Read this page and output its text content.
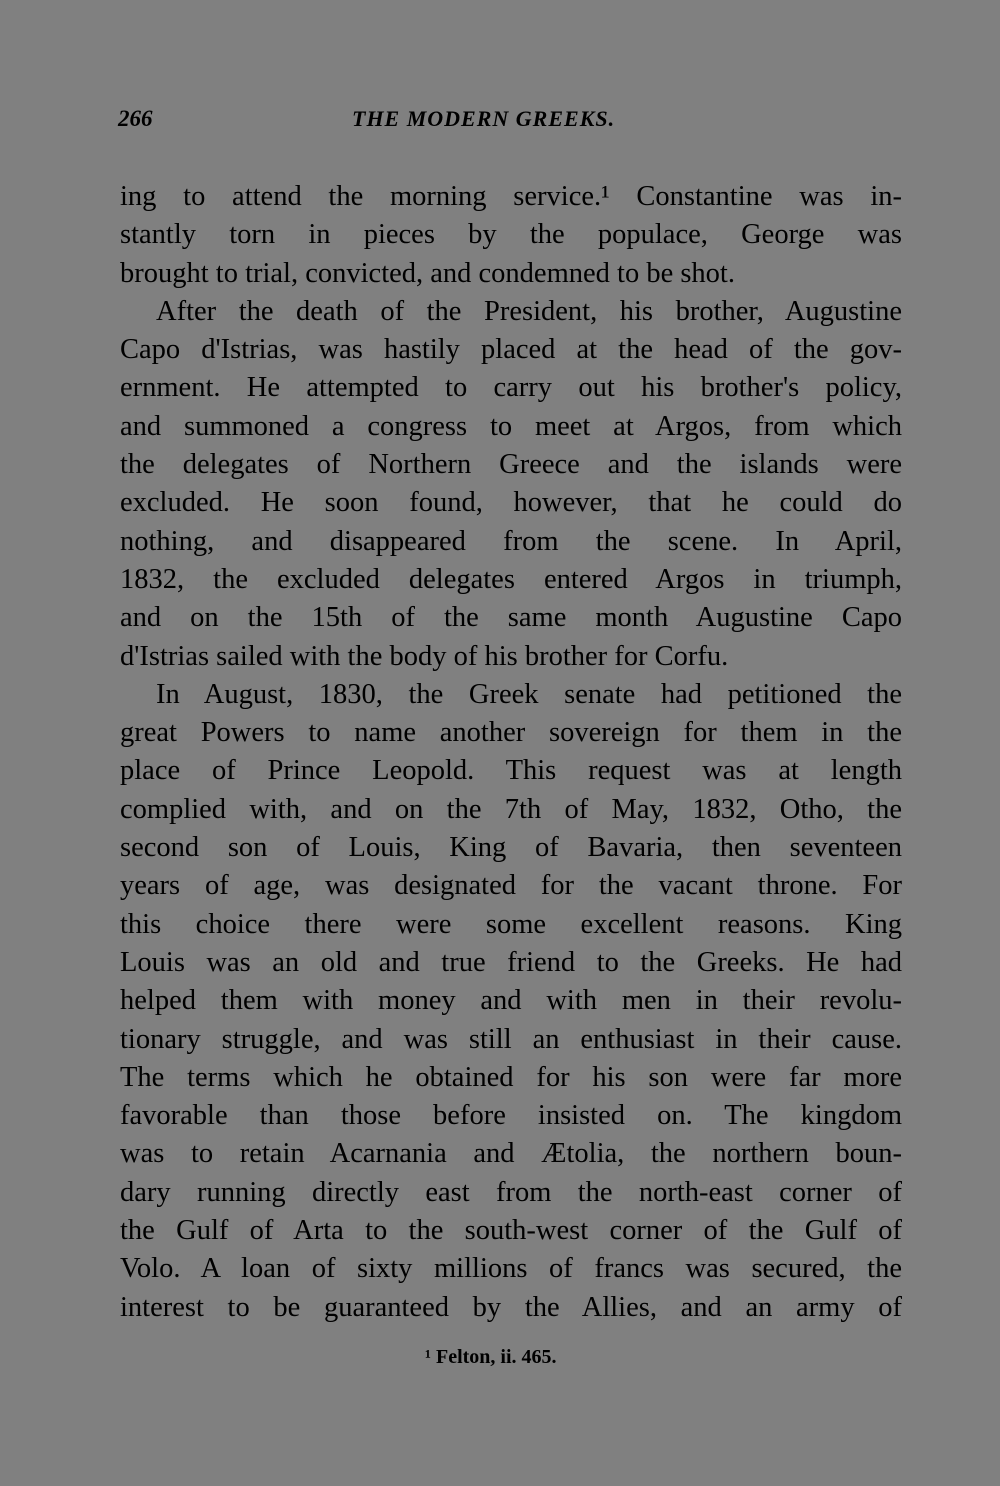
266	THE MODERN GREEKS.
ing to attend the morning service.¹ Constantine was in-
stantly torn in pieces by the populace, George was
brought to trial, convicted, and condemned to be shot.
After the death of the President, his brother, Augustine
Capo d'Istrias, was hastily placed at the head of the gov-
ernment. He attempted to carry out his brother's policy,
and summoned a congress to meet at Argos, from which
the delegates of Northern Greece and the islands were
excluded. He soon found, however, that he could do
nothing, and disappeared from the scene. In April,
1832, the excluded delegates entered Argos in triumph,
and on the 15th of the same month Augustine Capo
d'Istrias sailed with the body of his brother for Corfu.
In August, 1830, the Greek senate had petitioned the
great Powers to name another sovereign for them in the
place of Prince Leopold. This request was at length
complied with, and on the 7th of May, 1832, Otho, the
second son of Louis, King of Bavaria, then seventeen
years of age, was designated for the vacant throne. For
this choice there were some excellent reasons. King
Louis was an old and true friend to the Greeks. He had
helped them with money and with men in their revolu-
tionary struggle, and was still an enthusiast in their cause.
The terms which he obtained for his son were far more
favorable than those before insisted on. The kingdom
was to retain Acarnania and Ætolia, the northern boun-
dary running directly east from the north-east corner of
the Gulf of Arta to the south-west corner of the Gulf of
Volo. A loan of sixty millions of francs was secured, the
interest to be guaranteed by the Allies, and an army of
¹ Felton, ii. 465.
